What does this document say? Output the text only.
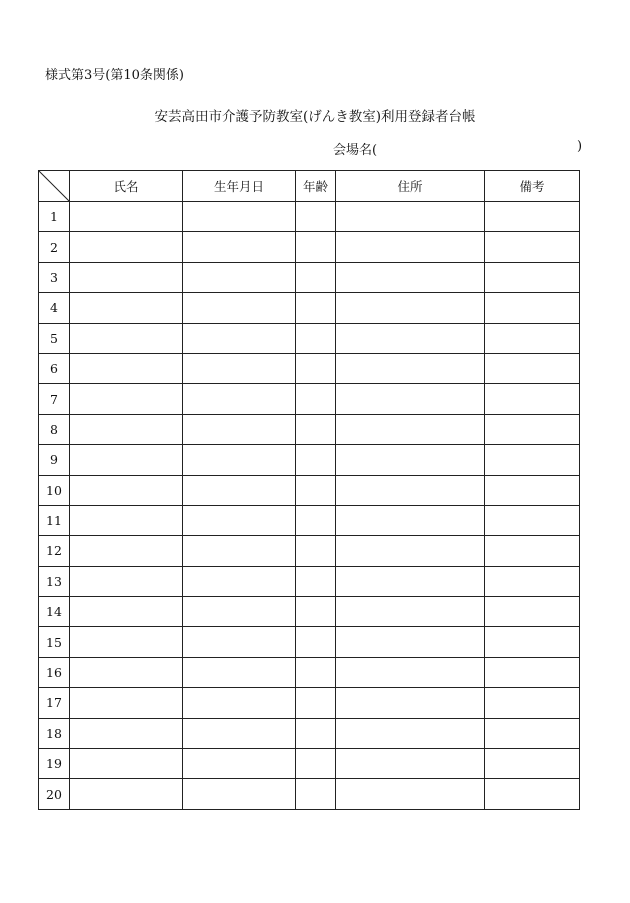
様式第3号(第10条関係)
安芸高田市介護予防教室(げんき教室)利用登録者台帳
会場名(	)
	氏名	生年月日	年齢	住所	備考
1					
2					
3					
4					
5					
6					
7					
8					
9					
10					
11					
12					
13					
14					
15					
16					
17					
18					
19					
20					
